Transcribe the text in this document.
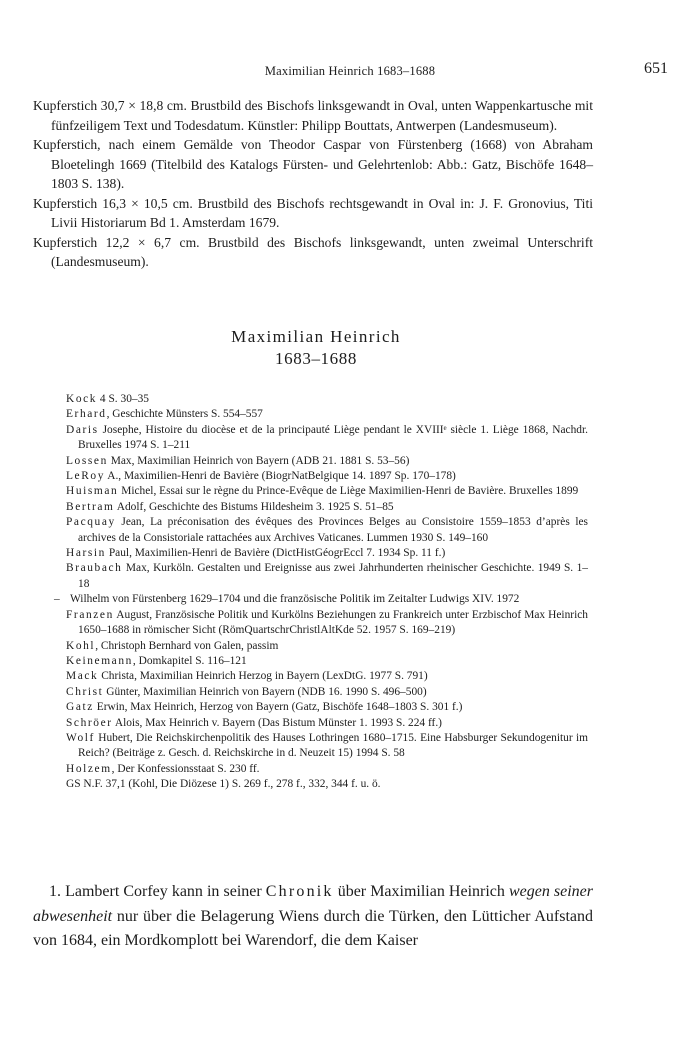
Maximilian Heinrich 1683–1688	651

Kupferstich 30,7 × 18,8 cm. Brustbild des Bischofs linksgewandt in Oval, unten Wappenkartusche mit fünfzeiligem Text und Todesdatum. Künstler: Philipp Bouttats, Antwerpen (Landesmuseum).

Kupferstich, nach einem Gemälde von Theodor Caspar von Fürstenberg (1668) von Abraham Bloetelingh 1669 (Titelbild des Katalogs Fürsten- und Gelehrtenlob: Abb.: Gatz, Bischöfe 1648–1803 S. 138).

Kupferstich 16,3 × 10,5 cm. Brustbild des Bischofs rechtsgewandt in Oval in: J. F. Gronovius, Titi Livii Historiarum Bd 1. Amsterdam 1679.

Kupferstich 12,2 × 6,7 cm. Brustbild des Bischofs linksgewandt, unten zweimal Unterschrift (Landesmuseum).

Maximilian Heinrich
1683–1688

Kock 4 S. 30–35

Erhard, Geschichte Münsters S. 554–557

Daris Josephe, Histoire du diocèse et de la principauté Liège pendant le XVIIIᵉ siècle 1. Liège 1868, Nachdr. Bruxelles 1974 S. 1–211

Lossen Max, Maximilian Heinrich von Bayern (ADB 21. 1881 S. 53–56)

LeRoy A., Maximilien-Henri de Bavière (BiogrNatBelgique 14. 1897 Sp. 170–178)

Huisman Michel, Essai sur le règne du Prince-Evêque de Liège Maximilien-Henri de Bavière. Bruxelles 1899

Bertram Adolf, Geschichte des Bistums Hildesheim 3. 1925 S. 51–85

Pacquay Jean, La préconisation des évêques des Provinces Belges au Consistoire 1559–1853 d’après les archives de la Consistoriale rattachées aux Archives Vaticanes. Lummen 1930 S. 149–160

Harsin Paul, Maximilien-Henri de Bavière (DictHistGéogrEccl 7. 1934 Sp. 11 f.)

Braubach Max, Kurköln. Gestalten und Ereignisse aus zwei Jahrhunderten rheinischer Geschichte. 1949 S. 1–18

– Wilhelm von Fürstenberg 1629–1704 und die französische Politik im Zeitalter Ludwigs XIV. 1972

Franzen August, Französische Politik und Kurkölns Beziehungen zu Frankreich unter Erzbischof Max Heinrich 1650–1688 in römischer Sicht (RömQuartschrChristlAltKde 52. 1957 S. 169–219)

Kohl, Christoph Bernhard von Galen, passim

Keinemann, Domkapitel S. 116–121

Mack Christa, Maximilian Heinrich Herzog in Bayern (LexDtG. 1977 S. 791)

Christ Günter, Maximilian Heinrich von Bayern (NDB 16. 1990 S. 496–500)

Gatz Erwin, Max Heinrich, Herzog von Bayern (Gatz, Bischöfe 1648–1803 S. 301 f.)

Schröer Alois, Max Heinrich v. Bayern (Das Bistum Münster 1. 1993 S. 224 ff.)

Wolf Hubert, Die Reichskirchenpolitik des Hauses Lothringen 1680–1715. Eine Habsburger Sekundogenitur im Reich? (Beiträge z. Gesch. d. Reichskirche in d. Neuzeit 15) 1994 S. 58

Holzem, Der Konfessionsstaat S. 230 ff.

GS N.F. 37,1 (Kohl, Die Diözese 1) S. 269 f., 278 f., 332, 344 f. u. ö.

1. Lambert Corfey kann in seiner Chronik über Maximilian Heinrich wegen seiner abwesenheit nur über die Belagerung Wiens durch die Türken, den Lütticher Aufstand von 1684, ein Mordkomplott bei Warendorf, die dem Kaiser
